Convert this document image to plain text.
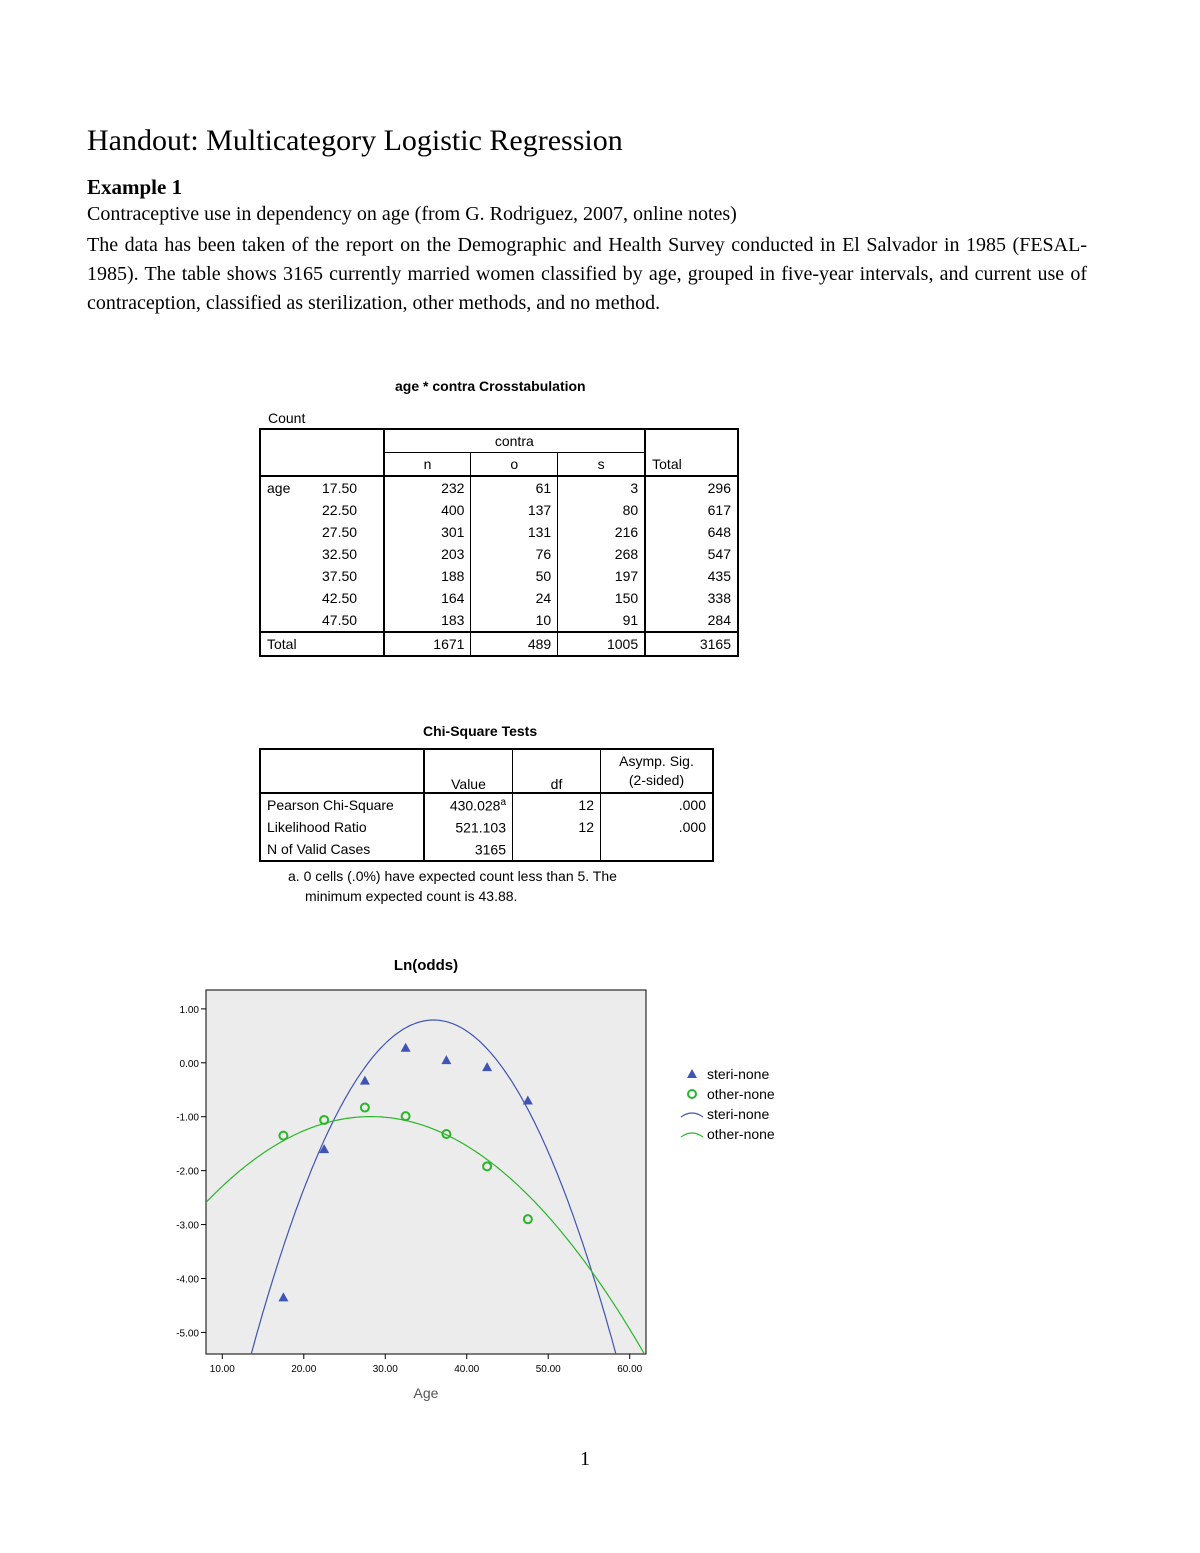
Handout: Multicategory Logistic Regression
Example 1
Contraceptive use in dependency on age (from G. Rodriguez, 2007, online notes)
The data has been taken of the report on the Demographic and Health Survey conducted in El Salvador in 1985 (FESAL-1985). The table shows 3165 currently married women classified by age, grouped in five-year intervals, and current use of contraception, classified as sterilization, other methods, and no method.
age * contra Crosstabulation
Count
	contra			
	n	o	s	Total
age 17.50	232	61	3	296
22.50	400	137	80	617
27.50	301	131	216	648
32.50	203	76	268	547
37.50	188	50	197	435
42.50	164	24	150	338
47.50	183	10	91	284
Total	1671	489	1005	3165
Chi-Square Tests
	Value	df	Asymp. Sig.
(2-sided)

Pearson Chi-Square	430.028$^a$	12	.000
Likelihood Ratio	521.103	12	.000
N of Valid Cases	3165		
a. 0 cells (.0%) have expected count less than 5. The
minimum expected count is 43.88.
Ln(odds)
1.00
0.00
-1.00
-2.00
-3.00
-4.00
-5.00
10.00	20.00	30.00	40.00	50.00	60.00
Age
steri-none
other-none
steri-none
other-none
1
